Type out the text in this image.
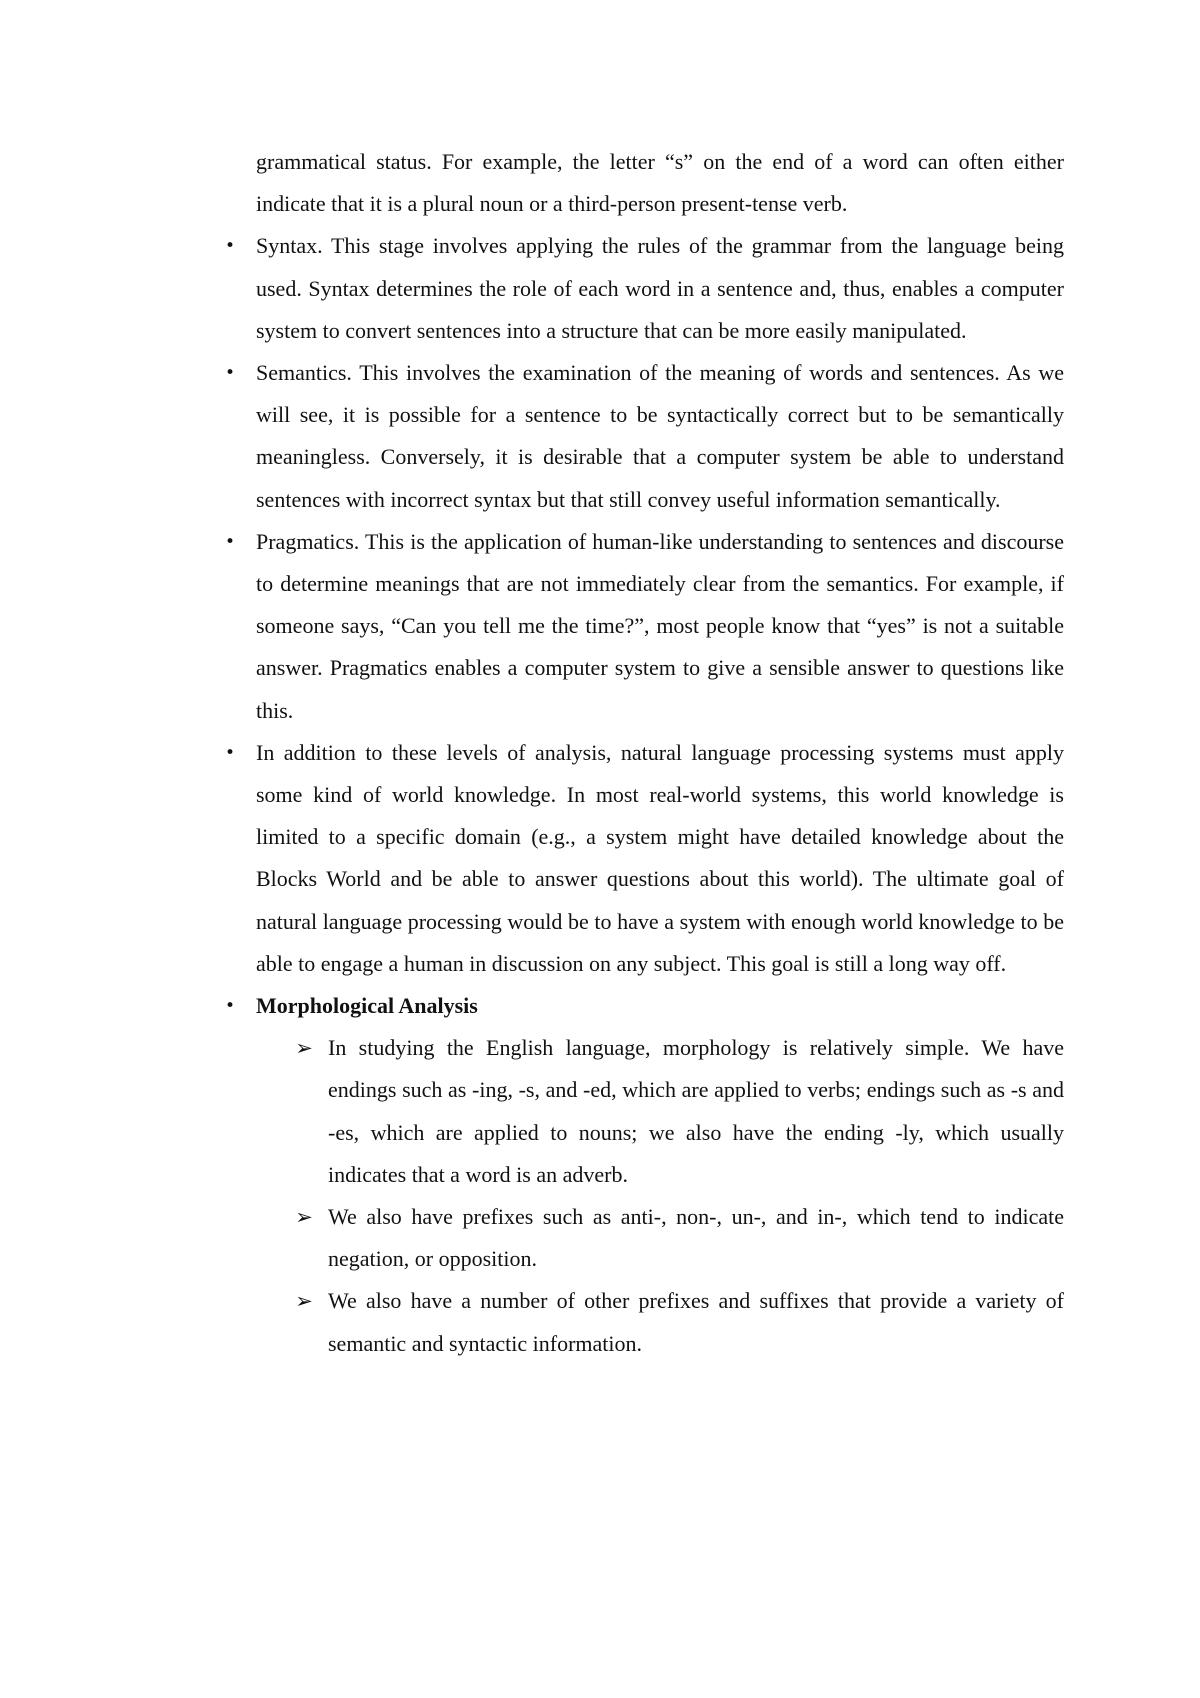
grammatical status. For example, the letter “s” on the end of a word can often either indicate that it is a plural noun or a third-person present-tense verb.

• Syntax. This stage involves applying the rules of the grammar from the language being used. Syntax determines the role of each word in a sentence and, thus, enables a computer system to convert sentences into a structure that can be more easily manipulated.
• Semantics. This involves the examination of the meaning of words and sentences. As we will see, it is possible for a sentence to be syntactically correct but to be semantically meaningless. Conversely, it is desirable that a computer system be able to understand sentences with incorrect syntax but that still convey useful information semantically.
• Pragmatics. This is the application of human-like understanding to sentences and discourse to determine meanings that are not immediately clear from the semantics. For example, if someone says, “Can you tell me the time?”, most people know that “yes” is not a suitable answer. Pragmatics enables a computer system to give a sensible answer to questions like this.
• In addition to these levels of analysis, natural language processing systems must apply some kind of world knowledge. In most real-world systems, this world knowledge is limited to a specific domain (e.g., a system might have detailed knowledge about the Blocks World and be able to answer questions about this world). The ultimate goal of natural language processing would be to have a system with enough world knowledge to be able to engage a human in discussion on any subject. This goal is still a long way off.
• Morphological Analysis
➢ In studying the English language, morphology is relatively simple. We have endings such as -ing, -s, and -ed, which are applied to verbs; endings such as -s and -es, which are applied to nouns; we also have the ending -ly, which usually indicates that a word is an adverb.
➢ We also have prefixes such as anti-, non-, un-, and in-, which tend to indicate negation, or opposition.
➢ We also have a number of other prefixes and suffixes that provide a variety of semantic and syntactic information.
